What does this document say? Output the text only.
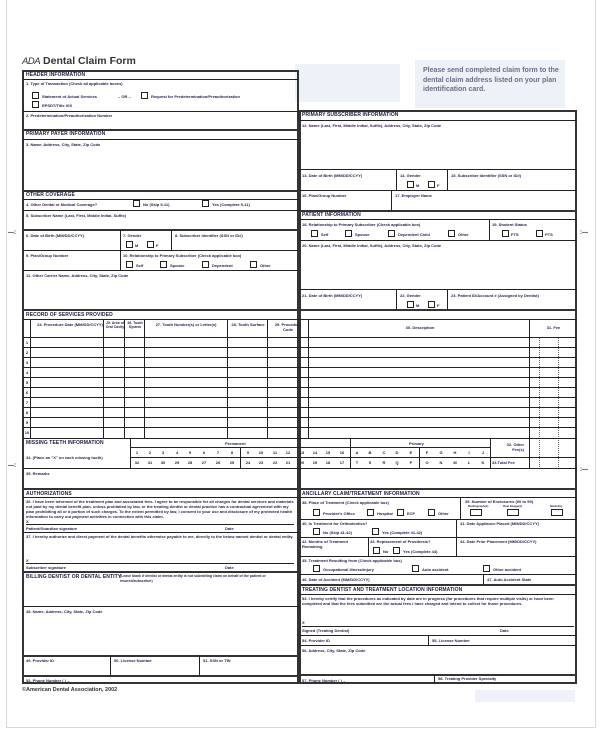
ADA Dental Claim Form
Please send completed claim form to the dental claim address listed on your plan identification card.
HEADER INFORMATION
1. Type of Transaction (Check all applicable boxes)
Statement of Actual Services	– OR –	Request for Predetermination/Preauthorization
EPSDT/Title XIX
2. Predetermination/Preauthorization Number
PRIMARY PAYER INFORMATION
3. Name, Address, City, State, Zip Code
OTHER COVERAGE
4. Other Dental or Medical Coverage?	No (Skip 5-11)	Yes (Complete 5-11)
5. Subscriber Name (Last, First, Middle Initial, Suffix)
6. Date of Birth (MM/DD/CCYY)	7. Gender
M	F
8. Subscriber Identifier (SSN or ID#)
9. Plan/Group Number	10. Relationship to Primary Subscriber (Check applicable box)
Self	Spouse	Dependent	Other
11. Other Carrier Name, Address, City, State, Zip Code
PRIMARY SUBSCRIBER INFORMATION
12. Name (Last, First, Middle Initial, Suffix), Address, City, State, Zip Code
13. Date of Birth (MM/DD/CCYY)	14. Gender
M	F
15. Subscriber Identifier (SSN or ID#)
16. Plan/Group Number	17. Employer Name
PATIENT INFORMATION
18. Relationship to Primary Subscriber (Check applicable box)
Self	Spouse	Dependent Child	Other
19. Student Status
FTS	PTS
20. Name (Last, First, Middle Initial, Suffix), Address, City, State, Zip Code
21. Date of Birth (MM/DD/CCYY)	22. Gender
M	F
23. Patient ID/Account # (Assigned by Dentist)
RECORD OF SERVICES PROVIDED
24. Procedure Date (MM/DD/CCYY) 25. Area of Oral Cavity
26. Tooth System	27. Tooth Number(s) or Letter(s)	28. Tooth Surface	29. Procedure Code	30. Description	31. Fee
1
2
3
4
5
6
7
8
9
10
MISSING TEETH INFORMATION
34. (Place an "X" on each missing tooth)
Permanent	Primary	32. Other Fee(s)
33.Total Fee
1	2	3	4	5	6	7	8	9	10	11	12	13	14	15	16
32	31	30	29	28	27	26	25	24	23	22	21	20	19	18	17
A	B	C	D	E	F	G	H	I	J
T	S	R	Q	P	O	N	M	L	K
35. Remarks
AUTHORIZATIONS
36. I have been informed of the treatment plan and associated fees. I agree to be responsible for all charges for dental services and materials not paid by my dental benefit plan, unless prohibited by law, or the treating dentist or dental practice has a contractual agreement with my plan prohibiting all or a portion of such charges. To the extent permitted by law, I consent to your use and disclosure of my protected health information to carry out payment activities in connection with this claim.
X
Patient/Guardian signature	Date
37. I hereby authorize and direct payment of the dental benefits otherwise payable to me, directly to the below named dentist or dental entity.
X
Subscriber signature	Date
BILLING DENTIST OR DENTAL ENTITY
(Leave blank if dentist or dental entity is not submitting claim on behalf of the patient or insured/subscriber)
48. Name, Address, City, State, Zip Code
49. Provider ID	50. License Number	51. SSN or TIN
52. Phone Number ( ) –
ANCILLARY CLAIM/TREATMENT INFORMATION
38. Place of Treatment (Check applicable box)
Provider's Office	Hospital	ECF	Other
39. Number of Enclosures (00 to 99)
Radiograph(s)	Oral Image(s)	Model(s)
40. Is Treatment for Orthodontics?
No (Skip 41-42)	Yes (Complete 41-42)
41. Date Appliance Placed (MM/DD/CCYY)
42. Months of Treatment Remaining
43. Replacement of Prosthesis?
No	Yes (Complete 44)
44. Date Prior Placement (MM/DD/CCYY)
45. Treatment Resulting from (Check applicable box)
Occupational illness/injury	Auto accident	Other accident
46. Date of Accident (MM/DD/CCYY)	47. Auto Accident State
TREATING DENTIST AND TREATMENT LOCATION INFORMATION
53. I hereby certify that the procedures as indicated by date are in progress (for procedures that require multiple visits) or have been completed and that the fees submitted are the actual fees I have charged and intend to collect for those procedures.
X
Signed (Treating Dentist)	Date
54. Provider ID	55. License Number
56. Address, City, State, Zip Code
57. Phone Number ( ) –	58. Treating Provider Specialty
—:
—:
:—
:—
©American Dental Association, 2002
